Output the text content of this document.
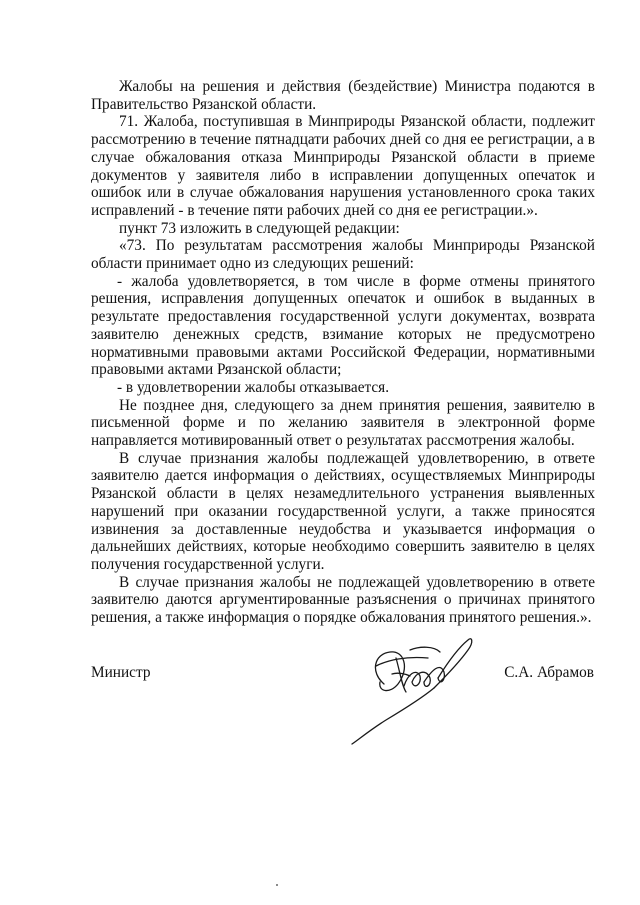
Жалобы на решения и действия (бездействие) Министра подаются в Правительство Рязанской области.

71. Жалоба, поступившая в Минприроды Рязанской области, подлежит рассмотрению в течение пятнадцати рабочих дней со дня ее регистрации, а в случае обжалования отказа Минприроды Рязанской области в приеме документов у заявителя либо в исправлении допущенных опечаток и ошибок или в случае обжалования нарушения установленного срока таких исправлений - в течение пяти рабочих дней со дня ее регистрации.».

пункт 73 изложить в следующей редакции:

«73. По результатам рассмотрения жалобы Минприроды Рязанской области принимает одно из следующих решений:

- жалоба удовлетворяется, в том числе в форме отмены принятого решения, исправления допущенных опечаток и ошибок в выданных в результате предоставления государственной услуги документах, возврата заявителю денежных средств, взимание которых не предусмотрено нормативными правовыми актами Российской Федерации, нормативными правовыми актами Рязанской области;

- в удовлетворении жалобы отказывается.

Не позднее дня, следующего за днем принятия решения, заявителю в письменной форме и по желанию заявителя в электронной форме направляется мотивированный ответ о результатах рассмотрения жалобы.

В случае признания жалобы подлежащей удовлетворению, в ответе заявителю дается информация о действиях, осуществляемых Минприроды Рязанской области в целях незамедлительного устранения выявленных нарушений при оказании государственной услуги, а также приносятся извинения за доставленные неудобства и указывается информация о дальнейших действиях, которые необходимо совершить заявителю в целях получения государственной услуги.

В случае признания жалобы не подлежащей удовлетворению в ответе заявителю даются аргументированные разъяснения о причинах принятого решения, а также информация о порядке обжалования принятого решения.».

Министр	С.А. Абрамов
